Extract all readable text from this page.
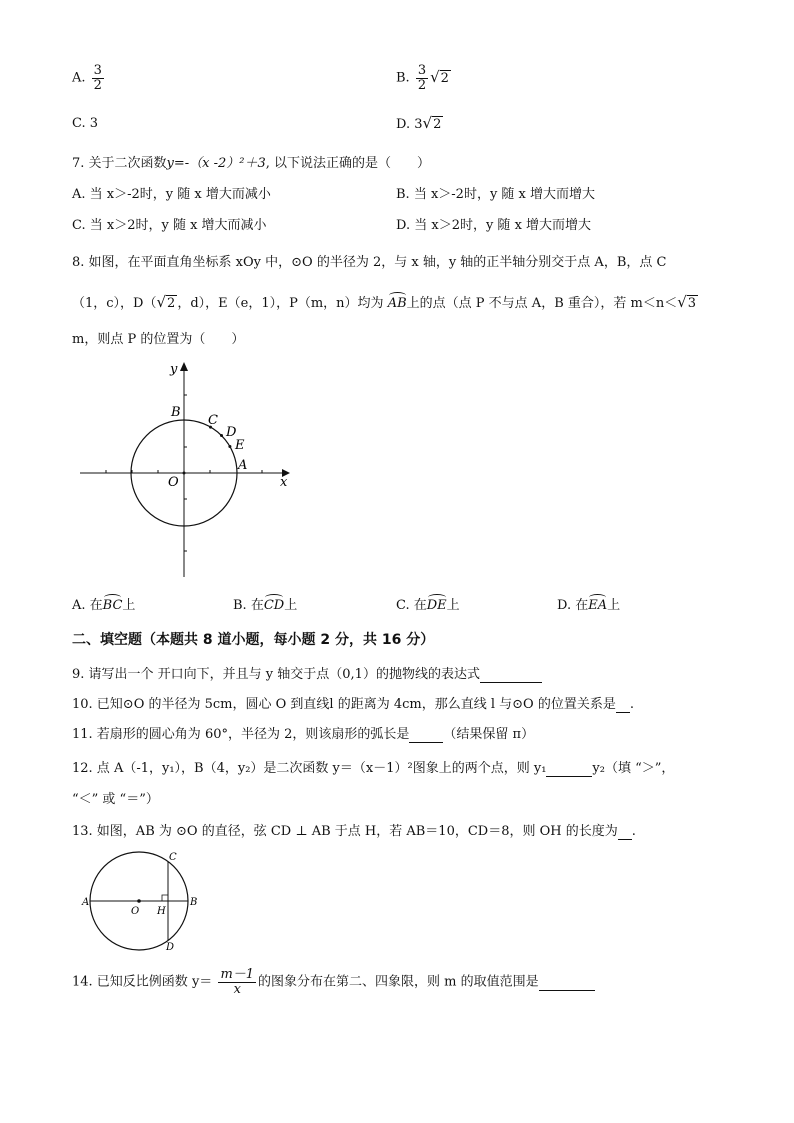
A. $\frac{3}{2}$	B. $\frac{3}{2} √2$
C. 3	D. 3√2
7. 关于二次函数y=-（x -2）²＋3, 以下说法正确的是（　　）
A. 当 x＞-2时，y 随 x 增大而减小	B. 当 x＞-2时，y 随 x 增大而增大
C. 当 x＞2时，y 随 x 增大而减小	D. 当 x＞2时，y 随 x 增大而增大
8. 如图，在平面直角坐标系 xOy 中，⊙O 的半径为 2，与 x 轴，y 轴的正半轴分别交于点 A，B，点 C
（1，c），D（√2 ，d），E（e，1），P（m，n）均为 AB上的点（点 P 不与点 A，B 重合），若 m＜n＜√3
m，则点 P 的位置为（　　）
y
x
O
A
B
C
D
E
A. 在BC上	B. 在CD上	C. 在DE上	D. 在EA上
二、填空题（本题共 8 道小题，每小题 2 分，共 16 分）
9. 请写出一个 开口向下，并且与 y 轴交于点（0,1）的抛物线的表达式
10. 已知⊙O 的半径为 5cm，圆心 O 到直线l 的距离为 4cm，那么直线 l 与⊙O 的位置关系是 .
11. 若扇形的圆心角为 60°，半径为 2，则该扇形的弧长是	（结果保留 π）
12. 点 A（-1，y₁），B（4，y₂）是二次函数 y＝（x－1）²图象上的两个点，则 y₁	y₂（填 “＞”，
“＜” 或 “＝”）
13. 如图，AB 为 ⊙O 的直径，弦 CD ⊥ AB 于点 H，若 AB＝10，CD＝8，则 OH 的长度为 .
A	B
C
D
O H
14. 已知反比例函数 $y= \frac{m-1}{x}$ 的图象分布在第二、四象限，则 m 的取值范围是
